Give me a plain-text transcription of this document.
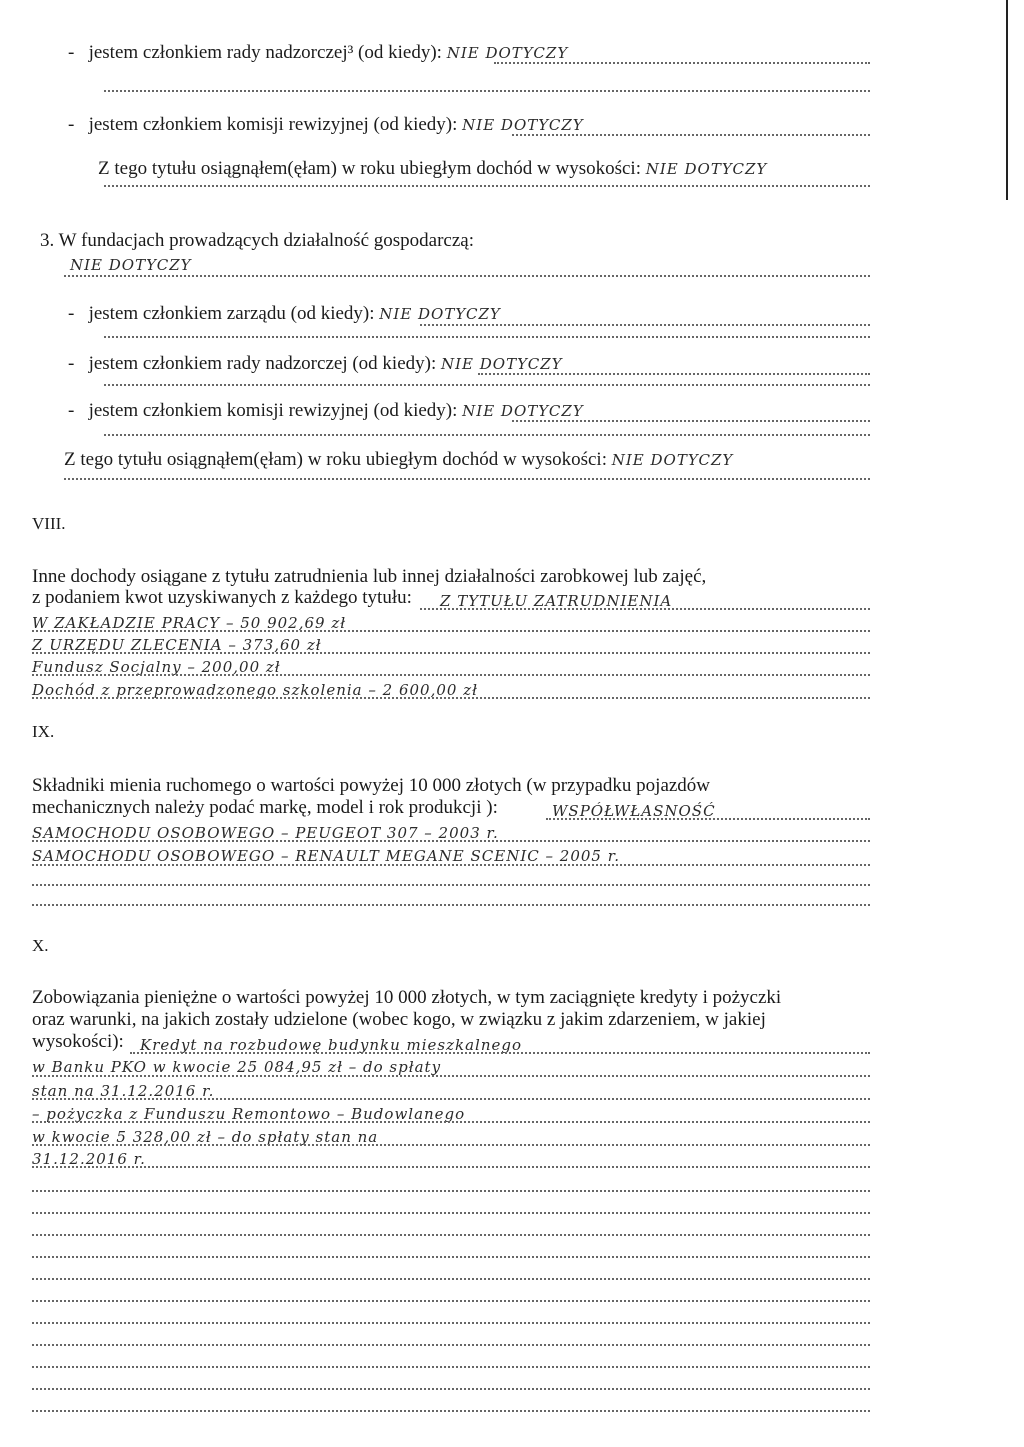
-   jestem członkiem rady nadzorczej³ (od kiedy): NIE DOTYCZY
-   jestem członkiem komisji rewizyjnej (od kiedy): NIE DOTYCZY
Z tego tytułu osiągnąłem(ęłam) w roku ubiegłym dochód w wysokości: NIE DOTYCZY
3. W fundacjach prowadzących działalność gospodarczą:
NIE DOTYCZY
-   jestem członkiem zarządu (od kiedy): NIE DOTYCZY
-   jestem członkiem rady nadzorczej (od kiedy): NIE DOTYCZY
-   jestem członkiem komisji rewizyjnej (od kiedy): NIE DOTYCZY
Z tego tytułu osiągnąłem(ęłam) w roku ubiegłym dochód w wysokości: NIE DOTYCZY
VIII.
Inne dochody osiągane z tytułu zatrudnienia lub innej działalności zarobkowej lub zajęć,
z podaniem kwot uzyskiwanych z każdego tytułu: Z TYTUŁU ZATRUDNIENIA
W ZAKŁADZIE PRACY – 50 902,69 zł
Z URZĘDU ZLECENIA – 373,60 zł
Fundusz Socjalny – 200,00 zł
Dochód z przeprowadzonego szkolenia – 2 600,00 zł
IX.
Składniki mienia ruchomego o wartości powyżej 10 000 złotych (w przypadku pojazdów
mechanicznych należy podać markę, model i rok produkcji ):	WSPÓŁWŁASNOŚĆ
SAMOCHODU OSOBOWEGO – PEUGEOT 307 – 2003 r.
SAMOCHODU OSOBOWEGO – RENAULT MEGANE SCENIC – 2005 r.
X.
Zobowiązania pieniężne o wartości powyżej 10 000 złotych, w tym zaciągnięte kredyty i pożyczki
oraz warunki, na jakich zostały udzielone (wobec kogo, w związku z jakim zdarzeniem, w jakiej
wysokości): Kredyt na rozbudowę budynku mieszkalnego
w Banku PKO w kwocie 25 084,95 zł – do spłaty
stan na 31.12.2016 r.
– pożyczka z Funduszu Remontowo – Budowlanego
w kwocie 5 328,00 zł – do spłaty stan na
31.12.2016 r.
